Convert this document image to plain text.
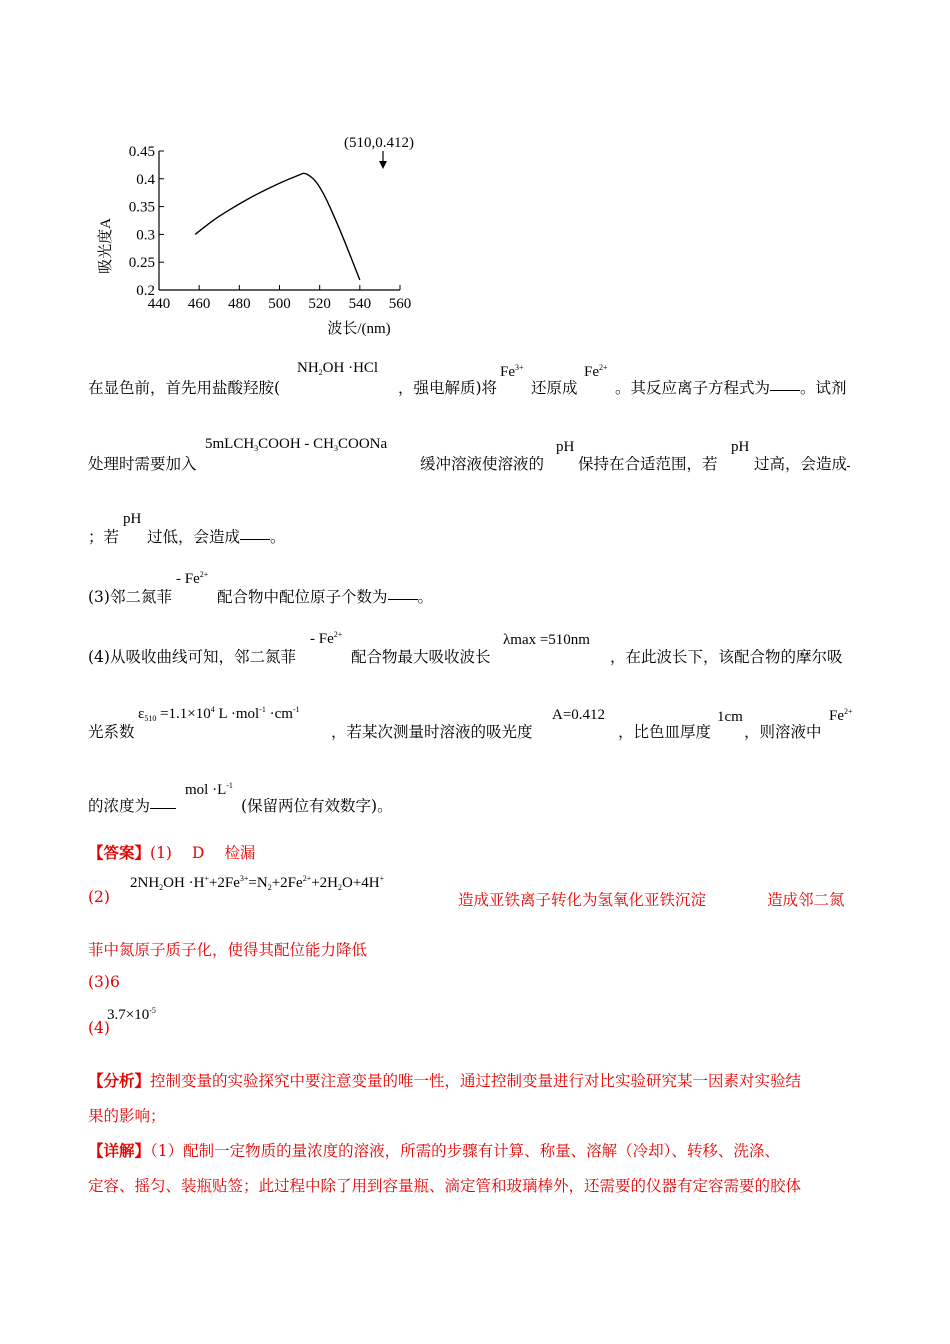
0.2
0.25
0.3
0.35
0.4
0.45
440 460 480 500 520 540 560
(510,0.412)
吸光度A
波长/(nm)
在显色前，首先用盐酸羟胺(
$NH_2OH \cdot HCl$
，强电解质)将
$Fe^{3+}$
还原成
$Fe^{2+}$
。其反应离子方程式为 。试剂
处理时需要加入
5mLCH$_3$COOH - $CH_3COONa$
缓冲溶液使溶液的
pH
保持在合适范围，若
pH
过高，会造成
；若
pH
过低，会造成 。
(3)邻二氮菲
- $Fe^{2+}$
配合物中配位原子个数为 。
(4)从吸收曲线可知，邻二氮菲
- $Fe^{2+}$
配合物最大吸收波长
λmax =510nm
，在此波长下，该配合物的摩尔吸
光系数
$\varepsilon_{510} =1.1\times 10^4$ $L \cdot mol^{-1} \cdot cm^{-1}$
，若某次测量时溶液的吸光度
A=0.412
，比色皿厚度
1cm
，则溶液中
$Fe^{2+}$
的浓度为
mol $\cdot L^{-1}$
(保留两位有效数字)。
【答案】(1) D 检漏
(2)
$2NH_2OH \cdot H^++2Fe^{3+}=N_2+2Fe^{2+}+2H_2O+4H^+$
造成亚铁离子转化为氢氧化亚铁沉淀	造成邻二氮
菲中氮原子质子化，使得其配位能力降低
(3)6
(4)
$3.7\times 10^{-5}$
【分析】控制变量的实验探究中要注意变量的唯一性，通过控制变量进行对比实验研究某一因素对实验结
果的影响；
【详解】（1）配制一定物质的量浓度的溶液，所需的步骤有计算、称量、溶解（冷却）、转移、洗涤、
定容、摇匀、装瓶贴签；此过程中除了用到容量瓶、滴定管和玻璃棒外，还需要的仪器有定容需要的胶体
